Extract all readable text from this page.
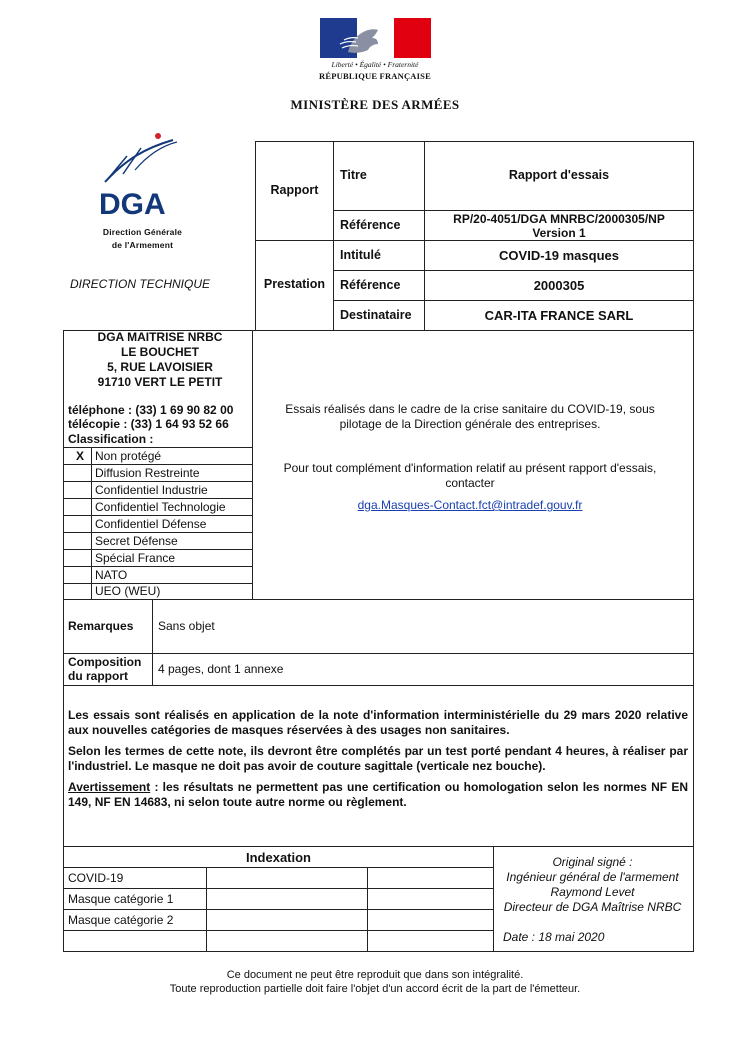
Liberté • Égalité • Fraternité
RÉPUBLIQUE FRANÇAISE
MINISTÈRE DES ARMÉES
DGA
Direction Générale
de l'Armement
DIRECTION TECHNIQUE
Rapport
Prestation
Titre	Rapport d'essais
Référence	RP/20-4051/DGA MNRBC/2000305/NP
Version 1
Intitulé	COVID-19 masques
Référence	2000305
Destinataire	CAR-ITA FRANCE SARL
DGA MAITRISE NRBC
LE BOUCHET
5, RUE LAVOISIER
91710 VERT LE PETIT
téléphone : (33) 1 69 90 82 00
télécopie : (33) 1 64 93 52 66
Classification :
X Non protégé
Diffusion Restreinte
Confidentiel Industrie
Confidentiel Technologie
Confidentiel Défense
Secret Défense
Spécial France
NATO
UEO (WEU)
Essais réalisés dans le cadre de la crise sanitaire du COVID-19, sous pilotage de la Direction générale des entreprises.
Pour tout complément d'information relatif au présent rapport d'essais, contacter
dga.Masques-Contact.fct@intradef.gouv.fr
Remarques Sans objet
Composition
du rapport	4 pages, dont 1 annexe

Les essais sont réalisés en application de la note d'information interministérielle du 29 mars 2020 relative aux nouvelles catégories de masques réservées à des usages non sanitaires.

Selon les termes de cette note, ils devront être complétés par un test porté pendant 4 heures, à réaliser par l'industriel. Le masque ne doit pas avoir de couture sagittale (verticale nez bouche).

Avertissement : les résultats ne permettent pas une certification ou homologation selon les normes NF EN 149, NF EN 14683, ni selon toute autre norme ou règlement.

Indexation
COVID-19
Masque catégorie 1
Masque catégorie 2
Original signé :
Ingénieur général de l'armement
Raymond Levet
Directeur de DGA Maîtrise NRBC
Date : 18 mai 2020
Ce document ne peut être reproduit que dans son intégralité.
Toute reproduction partielle doit faire l'objet d'un accord écrit de la part de l'émetteur.
